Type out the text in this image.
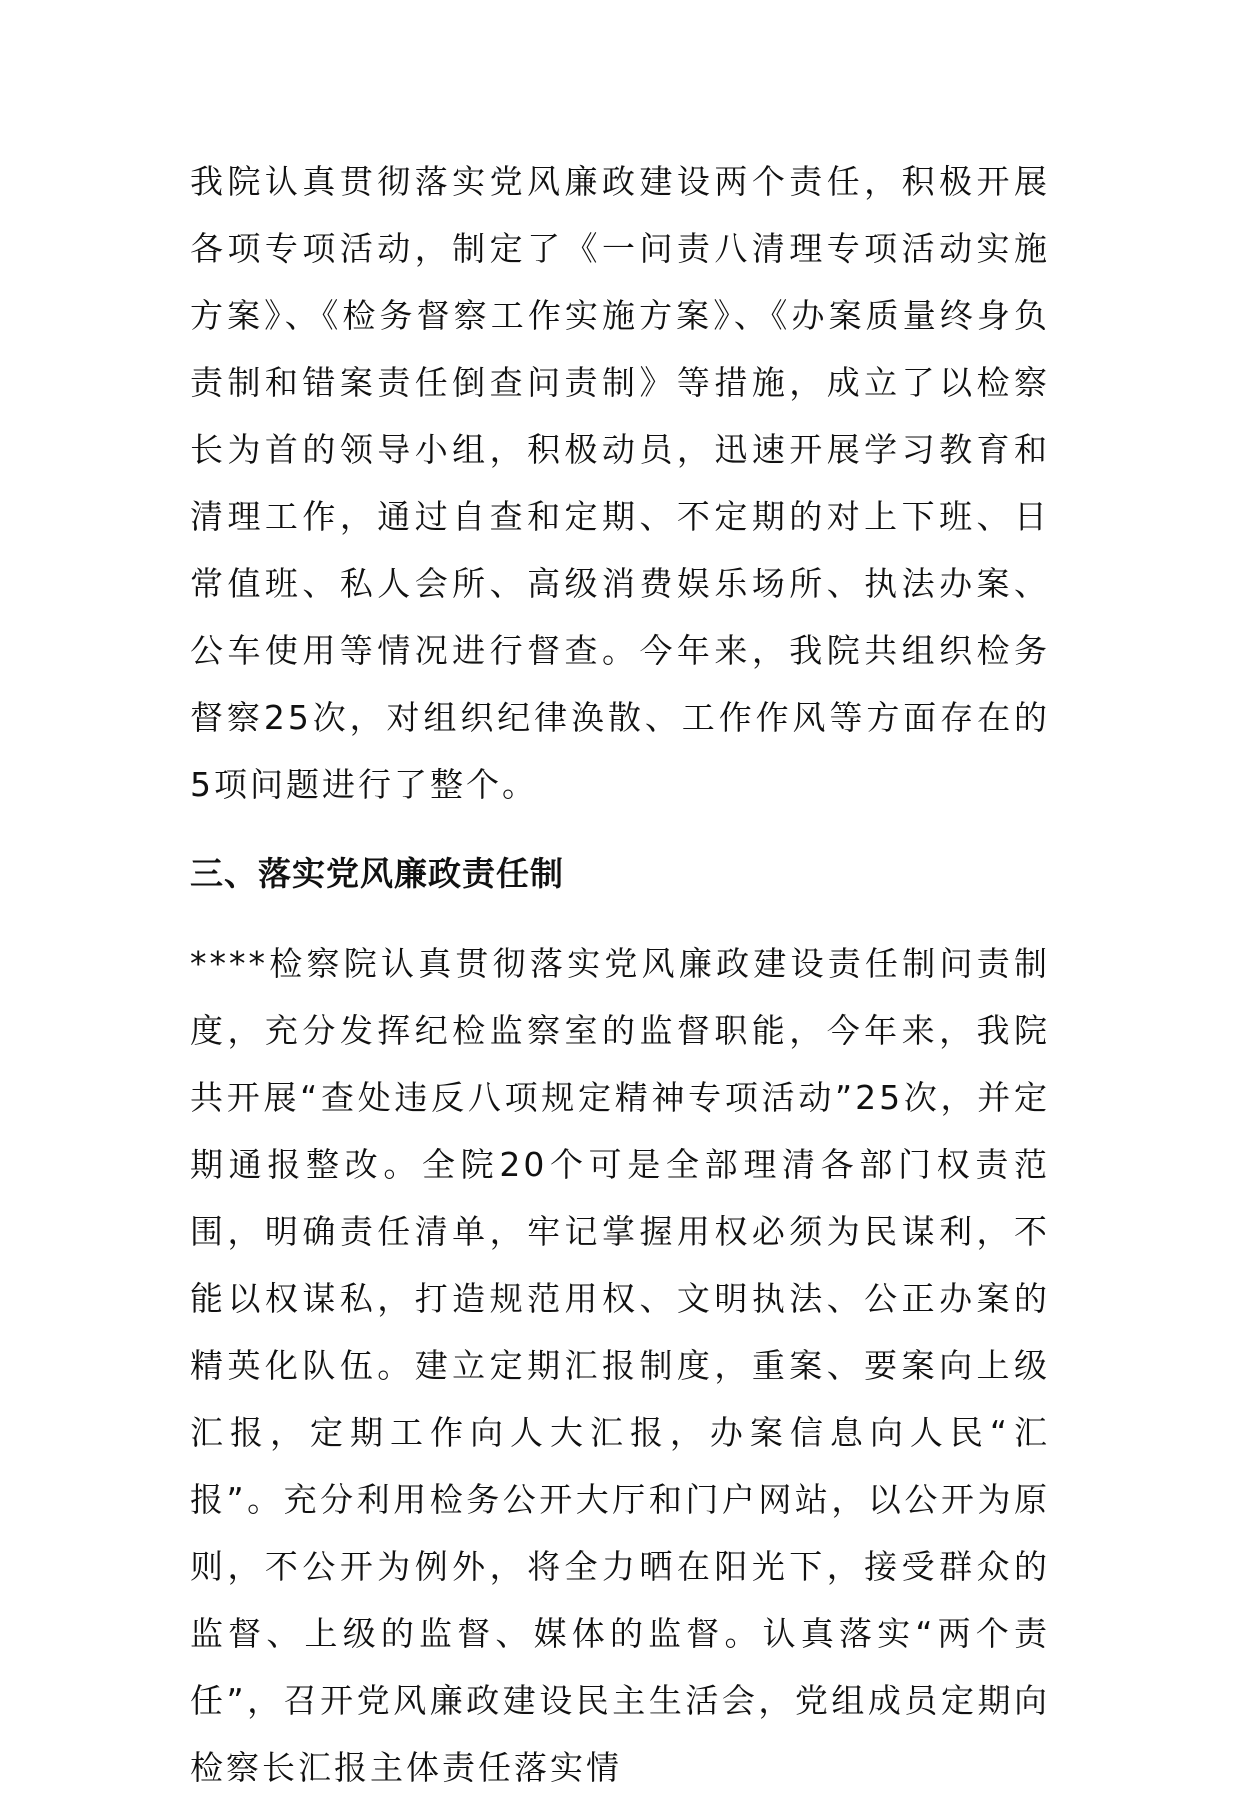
我院认真贯彻落实党风廉政建设两个责任，积极开展各项专项活动，制定了《一问责八清理专项活动实施方案》、《检务督察工作实施方案》、《办案质量终身负责制和错案责任倒查问责制》等措施，成立了以检察长为首的领导小组，积极动员，迅速开展学习教育和清理工作，通过自查和定期、不定期的对上下班、日常值班、私人会所、高级消费娱乐场所、执法办案、公车使用等情况进行督查。今年来，我院共组织检务督察25次，对组织纪律涣散、工作作风等方面存在的5项问题进行了整个。

三、落实党风廉政责任制

****检察院认真贯彻落实党风廉政建设责任制问责制度，充分发挥纪检监察室的监督职能，今年来，我院共开展“查处违反八项规定精神专项活动”25次，并定期通报整改。全院20个可是全部理清各部门权责范围，明确责任清单，牢记掌握用权必须为民谋利，不能以权谋私，打造规范用权、文明执法、公正办案的精英化队伍。建立定期汇报制度，重案、要案向上级汇报，定期工作向人大汇报，办案信息向人民“汇报”。充分利用检务公开大厅和门户网站，以公开为原则，不公开为例外，将全力晒在阳光下，接受群众的监督、上级的监督、媒体的监督。认真落实“两个责任”，召开党风廉政建设民主生活会，党组成员定期向检察长汇报主体责任落实情
